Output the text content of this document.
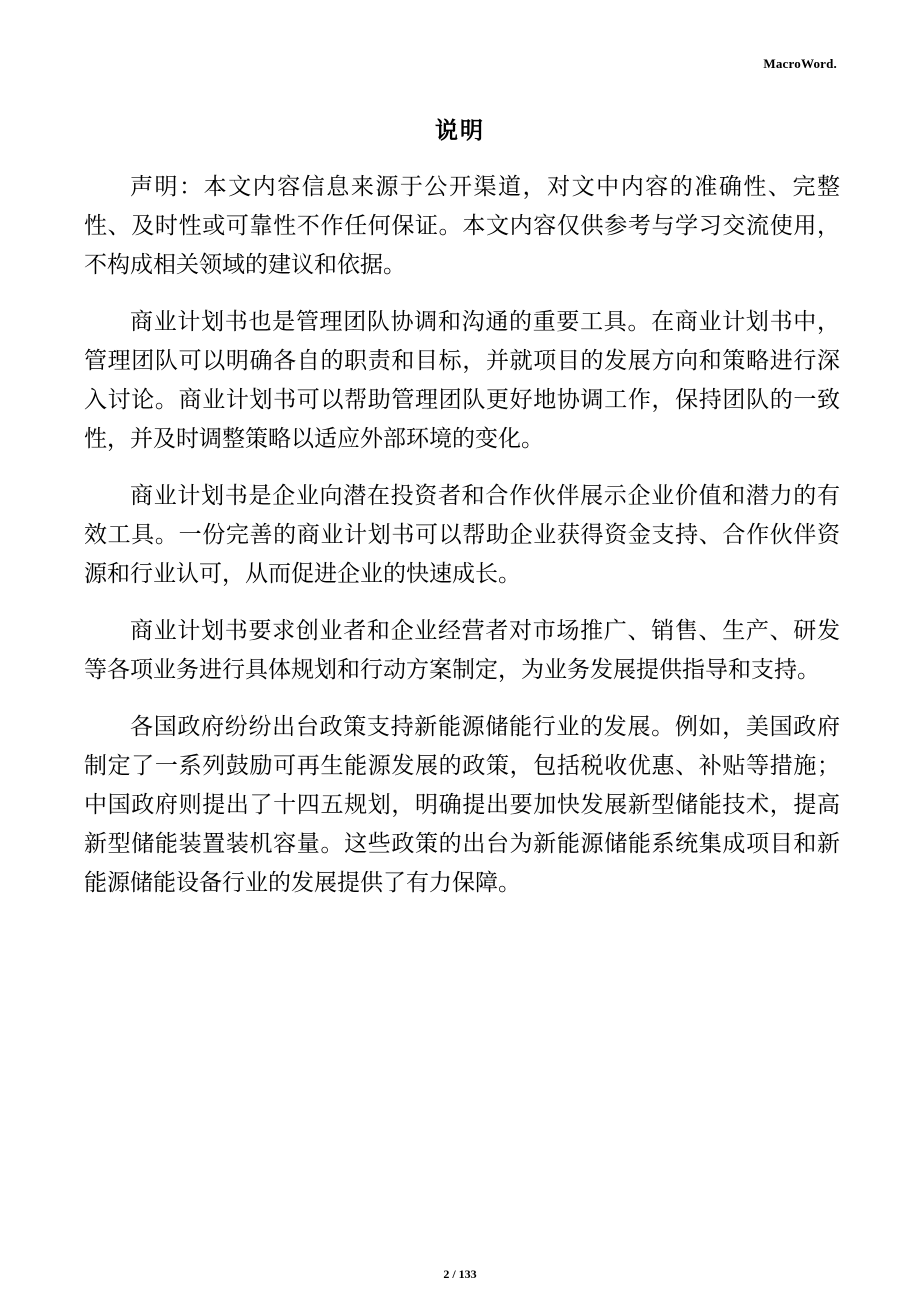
MacroWord.
说明

声明：本文内容信息来源于公开渠道，对文中内容的准确性、完整性、及时性或可靠性不作任何保证。本文内容仅供参考与学习交流使用，不构成相关领域的建议和依据。

商业计划书也是管理团队协调和沟通的重要工具。在商业计划书中，管理团队可以明确各自的职责和目标，并就项目的发展方向和策略进行深入讨论。商业计划书可以帮助管理团队更好地协调工作，保持团队的一致性，并及时调整策略以适应外部环境的变化。

商业计划书是企业向潜在投资者和合作伙伴展示企业价值和潜力的有效工具。一份完善的商业计划书可以帮助企业获得资金支持、合作伙伴资源和行业认可，从而促进企业的快速成长。

商业计划书要求创业者和企业经营者对市场推广、销售、生产、研发等各项业务进行具体规划和行动方案制定，为业务发展提供指导和支持。

各国政府纷纷出台政策支持新能源储能行业的发展。例如，美国政府制定了一系列鼓励可再生能源发展的政策，包括税收优惠、补贴等措施；中国政府则提出了十四五规划，明确提出要加快发展新型储能技术，提高新型储能装置装机容量。这些政策的出台为新能源储能系统集成项目和新能源储能设备行业的发展提供了有力保障。

2 / 133
